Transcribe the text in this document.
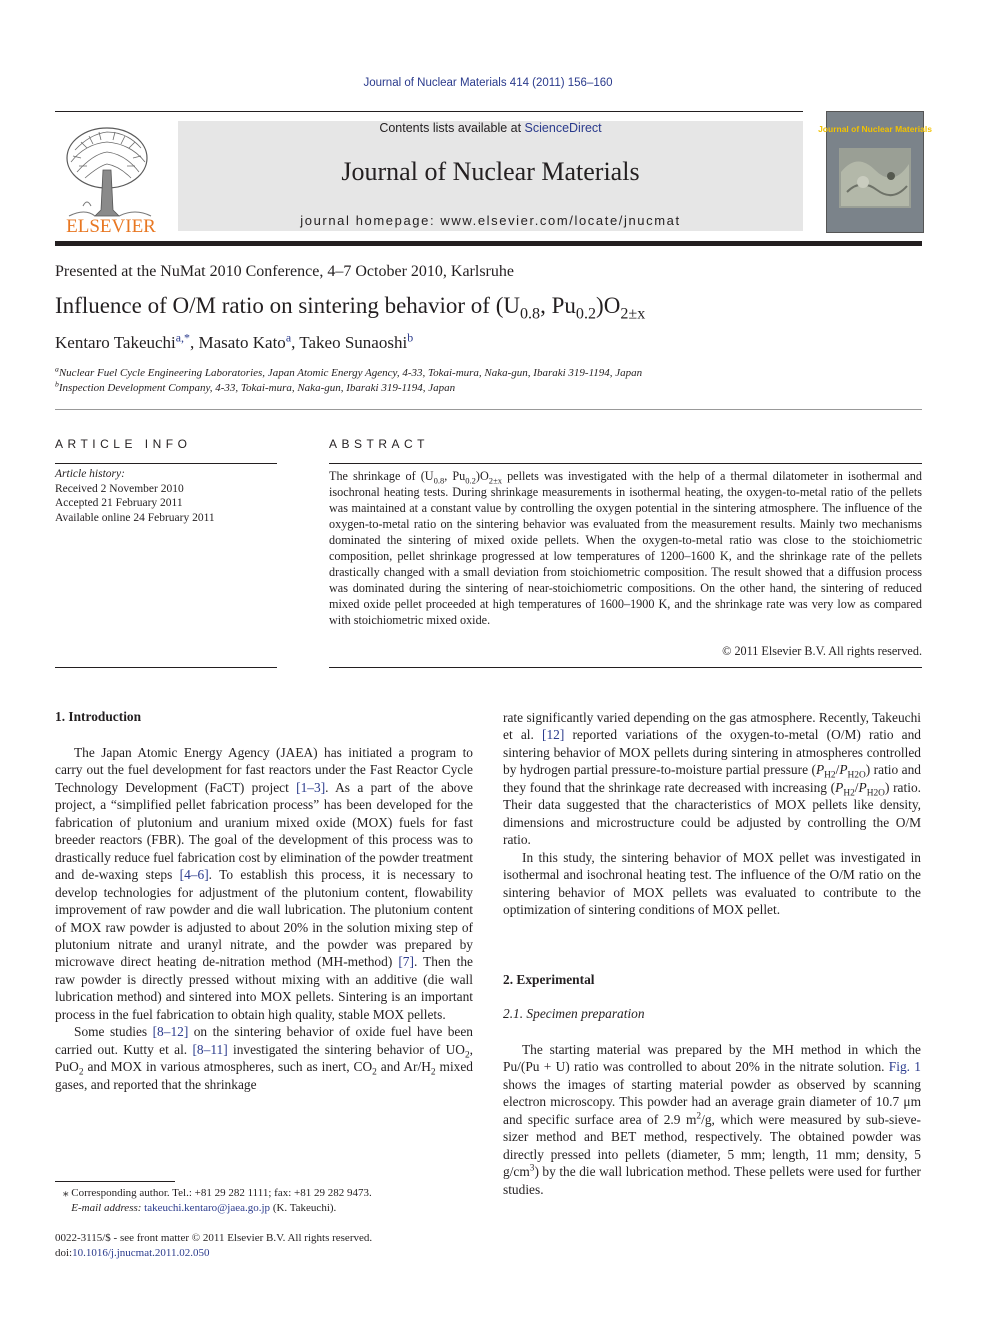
Journal of Nuclear Materials 414 (2011) 156–160
ELSEVIER
Contents lists available at ScienceDirect
Journal of Nuclear Materials
journal homepage: www.elsevier.com/locate/jnucmat
Journal of Nuclear Materials
Presented at the NuMat 2010 Conference, 4–7 October 2010, Karlsruhe
Influence of O/M ratio on sintering behavior of ($U_{0.8}$, $Pu_{0.2})O_{2\pm x}$
Kentaro Takeuchi$^{a,*}$, Masato Kato$^a$, Takeo Sunaoshi$^b$
$^a$Nuclear Fuel Cycle Engineering Laboratories, Japan Atomic Energy Agency, 4-33, Tokai-mura, Naka-gun, Ibaraki 319-1194, Japan
$^b$Inspection Development Company, 4-33, Tokai-mura, Naka-gun, Ibaraki 319-1194, Japan
ARTICLE INFO	ABSTRACT
Article history:
Received 2 November 2010
Accepted 21 February 2011
Available online 24 February 2011
The shrinkage of ($U_{0.8}$, $Pu_{0.2})O_{2\pm x}$ pellets was investigated with the help of a thermal dilatometer in isothermal and isochronal heating tests. During shrinkage measurements in isothermal heating, the oxygen-to-metal ratio of the pellets was maintained at a constant value by controlling the oxygen potential in the sintering atmosphere. The influence of the oxygen-to-metal ratio on the sintering behavior was evaluated from the measurement results. Mainly two mechanisms dominated the sintering of mixed oxide pellets. When the oxygen-to-metal ratio was close to the stoichiometric composition, pellet shrinkage progressed at low temperatures of 1200–1600 K, and the shrinkage rate of the pellets drastically changed with a small deviation from stoichiometric composition. The result showed that a diffusion process was dominated during the sintering of near-stoichiometric compositions. On the other hand, the sintering of reduced mixed oxide pellet proceeded at high temperatures of 1600–1900 K, and the shrinkage rate was very low as compared with stoichiometric mixed oxide.
© 2011 Elsevier B.V. All rights reserved.
1. Introduction

The Japan Atomic Energy Agency (JAEA) has initiated a program to carry out the fuel development for fast reactors under the Fast Reactor Cycle Technology Development (FaCT) project [1–3]. As a part of the above project, a “simplified pellet fabrication process” has been developed for the fabrication of plutonium and uranium mixed oxide (MOX) fuels for fast breeder reactors (FBR). The goal of the development of this process was to drastically reduce fuel fabrication cost by elimination of the powder treatment and de-waxing steps [4–6]. To establish this process, it is necessary to develop technologies for adjustment of the plutonium content, flowability improvement of raw powder and die wall lubrication. The plutonium content of MOX raw powder is adjusted to about 20% in the solution mixing step of plutonium nitrate and uranyl nitrate, and the powder was prepared by microwave direct heating de-nitration method (MH-method) [7]. Then the raw powder is directly pressed without mixing with an additive (die wall lubrication method) and sintered into MOX pellets. Sintering is an important process in the fuel fabrication to obtain high quality, stable MOX pellets.

Some studies [8–12] on the sintering behavior of oxide fuel have been carried out. Kutty et al. [8–11] investigated the sintering behavior of $UO_2$, PuO$_2$ and MOX in various atmospheres, such as inert, $CO_2$ and $Ar/H_2$ mixed gases, and reported that the shrinkage

rate significantly varied depending on the gas atmosphere. Recently, Takeuchi et al. [12] reported variations of the oxygen-to-metal (O/M) ratio and sintering behavior of MOX pellets during sintering in atmospheres controlled by hydrogen partial pressure-to-moisture partial pressure $(P_{H2}/P_{H2O})$ ratio and they found that the shrinkage rate decreased with increasing $(P_{H2}/P_{H2O})$ ratio. Their data suggested that the characteristics of MOX pellets like density, dimensions and microstructure could be adjusted by controlling the O/M ratio.

In this study, the sintering behavior of MOX pellet was investigated in isothermal and isochronal heating test. The influence of the O/M ratio on the sintering behavior of MOX pellets was evaluated to contribute to the optimization of sintering conditions of MOX pellet.

2. Experimental
2.1. Specimen preparation

The starting material was prepared by the MH method in which the Pu/(Pu + U) ratio was controlled to about 20% in the nitrate solution. Fig. 1 shows the images of starting material powder as observed by scanning electron microscopy. This powder had an average grain diameter of 10.7 μm and specific surface area of 2.9 $m^2/g$, which were measured by sub-sieve-sizer method and BET method, respectively. The obtained powder was directly pressed into pellets (diameter, 5 mm; length, 11 mm; density, 5 $g/cm^3$) by the die wall lubrication method. These pellets were used for further studies.

⁎ Corresponding author. Tel.: +81 29 282 1111; fax: +81 29 282 9473.
E-mail address: takeuchi.kentaro@jaea.go.jp (K. Takeuchi).
0022-3115/$ - see front matter © 2011 Elsevier B.V. All rights reserved.
doi:10.1016/j.jnucmat.2011.02.050
